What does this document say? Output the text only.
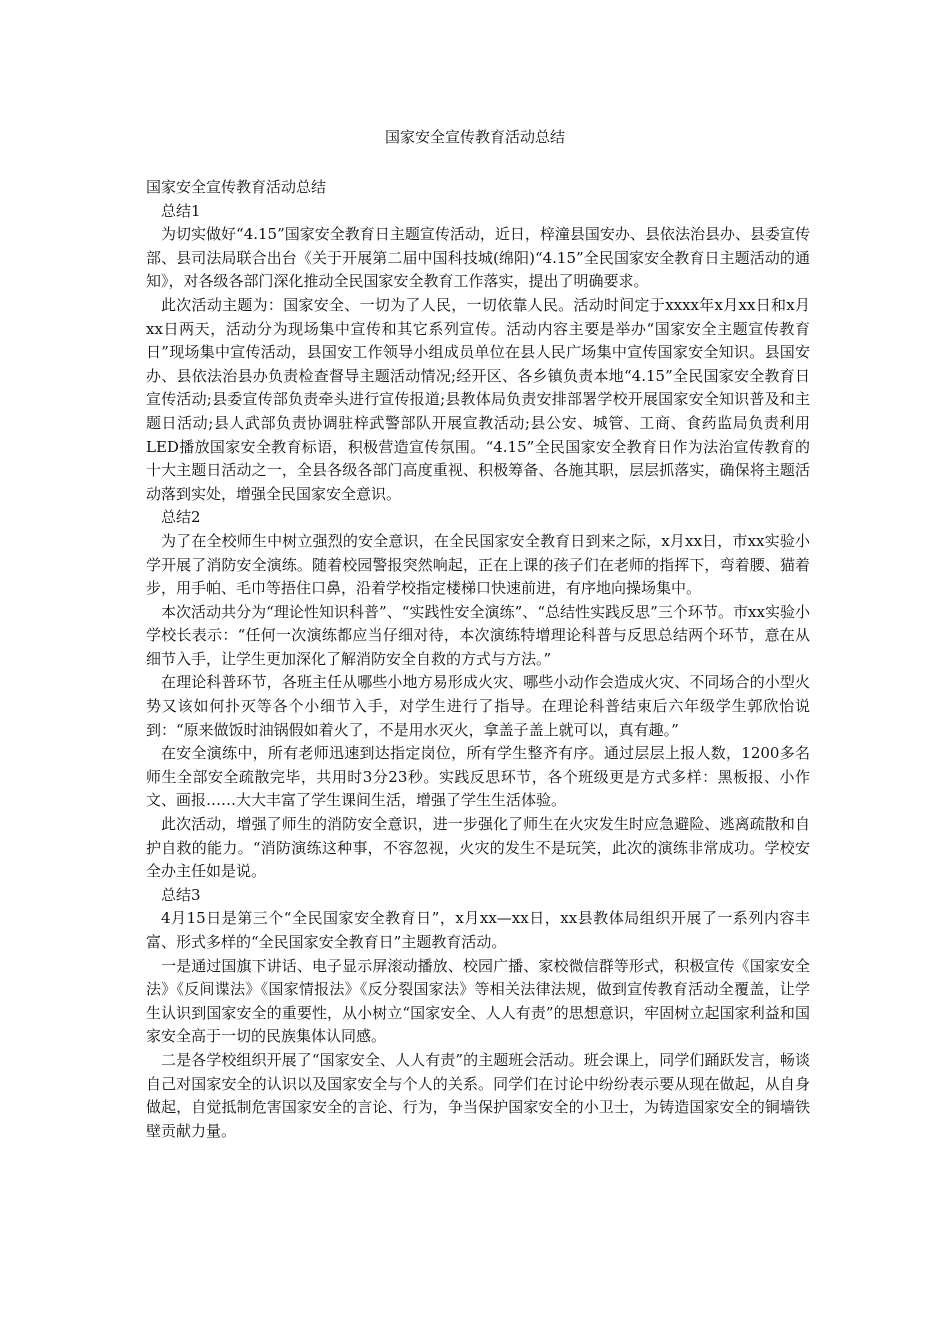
国家安全宣传教育活动总结

国家安全宣传教育活动总结

总结1

为切实做好“4.15”国家安全教育日主题宣传活动，近日，梓潼县国安办、县依法治县办、县委宣传部、县司法局联合出台《关于开展第二届中国科技城(绵阳)“4.15”全民国家安全教育日主题活动的通知》，对各级各部门深化推动全民国家安全教育工作落实，提出了明确要求。

此次活动主题为：国家安全、一切为了人民，一切依靠人民。活动时间定于xxxx年x月xx日和x月xx日两天，活动分为现场集中宣传和其它系列宣传。活动内容主要是举办“国家安全主题宣传教育日”现场集中宣传活动，县国安工作领导小组成员单位在县人民广场集中宣传国家安全知识。县国安办、县依法治县办负责检查督导主题活动情况;经开区、各乡镇负责本地“4.15”全民国家安全教育日宣传活动;县委宣传部负责牵头进行宣传报道;县教体局负责安排部署学校开展国家安全知识普及和主题日活动;县人武部负责协调驻梓武警部队开展宣教活动;县公安、城管、工商、食药监局负责利用LED播放国家安全教育标语，积极营造宣传氛围。“4.15”全民国家安全教育日作为法治宣传教育的十大主题日活动之一，全县各级各部门高度重视、积极筹备、各施其职，层层抓落实，确保将主题活动落到实处，增强全民国家安全意识。

总结2

为了在全校师生中树立强烈的安全意识，在全民国家安全教育日到来之际，x月xx日，市xx实验小学开展了消防安全演练。随着校园警报突然响起，正在上课的孩子们在老师的指挥下，弯着腰、猫着步，用手帕、毛巾等捂住口鼻，沿着学校指定楼梯口快速前进，有序地向操场集中。

本次活动共分为“理论性知识科普”、“实践性安全演练”、“总结性实践反思”三个环节。市xx实验小学校长表示：“任何一次演练都应当仔细对待，本次演练特增理论科普与反思总结两个环节，意在从细节入手，让学生更加深化了解消防安全自救的方式与方法。”

在理论科普环节，各班主任从哪些小地方易形成火灾、哪些小动作会造成火灾、不同场合的小型火势又该如何扑灭等各个小细节入手，对学生进行了指导。在理论科普结束后六年级学生郭欣怡说到：“原来做饭时油锅假如着火了，不是用水灭火，拿盖子盖上就可以，真有趣。”

在安全演练中，所有老师迅速到达指定岗位，所有学生整齐有序。通过层层上报人数，1200多名师生全部安全疏散完毕，共用时3分23秒。实践反思环节，各个班级更是方式多样：黑板报、小作文、画报……大大丰富了学生课间生活，增强了学生生活体验。

此次活动，增强了师生的消防安全意识，进一步强化了师生在火灾发生时应急避险、逃离疏散和自护自救的能力。“消防演练这种事，不容忽视，火灾的发生不是玩笑，此次的演练非常成功。学校安全办主任如是说。

总结3

4月15日是第三个“全民国家安全教育日”，x月xx—xx日，xx县教体局组织开展了一系列内容丰富、形式多样的“全民国家安全教育日”主题教育活动。

一是通过国旗下讲话、电子显示屏滚动播放、校园广播、家校微信群等形式，积极宣传《国家安全法》《反间谍法》《国家情报法》《反分裂国家法》等相关法律法规，做到宣传教育活动全覆盖，让学生认识到国家安全的重要性，从小树立“国家安全、人人有责”的思想意识，牢固树立起国家利益和国家安全高于一切的民族集体认同感。

二是各学校组织开展了“国家安全、人人有责”的主题班会活动。班会课上，同学们踊跃发言，畅谈自己对国家安全的认识以及国家安全与个人的关系。同学们在讨论中纷纷表示要从现在做起，从自身做起，自觉抵制危害国家安全的言论、行为，争当保护国家安全的小卫士，为铸造国家安全的铜墙铁壁贡献力量。
